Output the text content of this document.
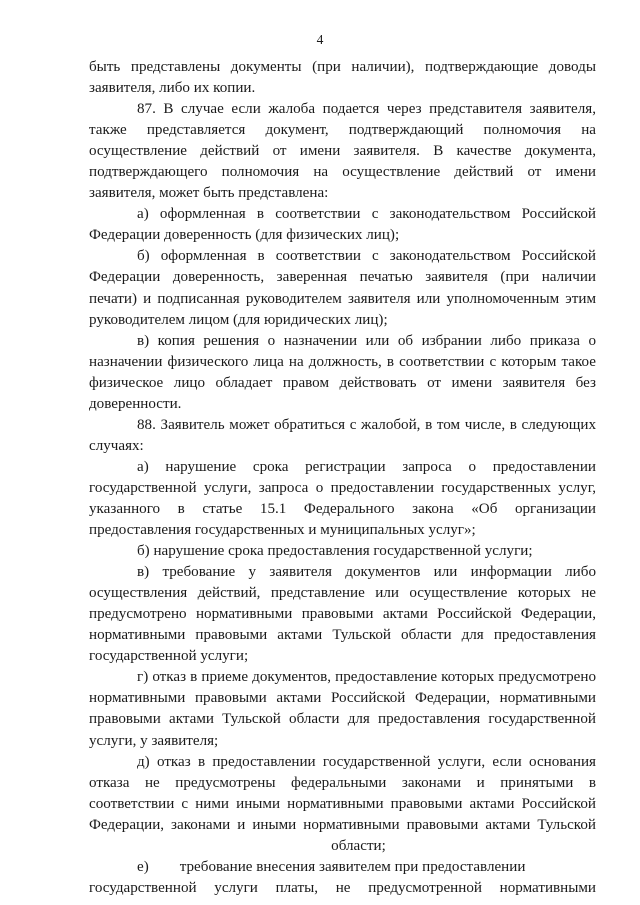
4
быть представлены документы (при наличии), подтверждающие доводы
заявителя, либо их копии.
87. В случае если жалоба подается через представителя заявителя,
также представляется документ, подтверждающий полномочия на
осуществление действий от имени заявителя. В качестве документа,
подтверждающего полномочия на осуществление действий от имени
заявителя, может быть представлена:
а) оформленная в соответствии с законодательством Российской
Федерации доверенность (для физических лиц);
б) оформленная в соответствии с законодательством Российской
Федерации доверенность, заверенная печатью заявителя (при наличии
печати) и подписанная руководителем заявителя или уполномоченным этим
руководителем лицом (для юридических лиц);
в) копия решения о назначении или об избрании либо приказа о
назначении физического лица на должность, в соответствии с которым такое
физическое лицо обладает правом действовать от имени заявителя без
доверенности.
88. Заявитель может обратиться с жалобой, в том числе, в следующих
случаях:
а) нарушение срока регистрации запроса о предоставлении
государственной услуги, запроса о предоставлении государственных услуг,
указанного в статье 15.1 Федерального закона «Об организации
предоставления государственных и муниципальных услуг»;
б) нарушение срока предоставления государственной услуги;
в) требование у заявителя документов или информации либо
осуществления действий, представление или осуществление которых не
предусмотрено нормативными правовыми актами Российской Федерации,
нормативными правовыми актами Тульской области для предоставления
государственной услуги;
г) отказ в приеме документов, предоставление которых предусмотрено
нормативными правовыми актами Российской Федерации, нормативными
правовыми актами Тульской области для предоставления государственной
услуги, у заявителя;
д) отказ в предоставлении государственной услуги, если основания
отказа не предусмотрены федеральными законами и принятыми в
соответствии с ними иными нормативными правовыми актами Российской
Федерации, законами и иными нормативными правовыми актами Тульской
области;
е) требование внесения заявителем при предоставлении
государственной услуги платы, не предусмотренной нормативными
